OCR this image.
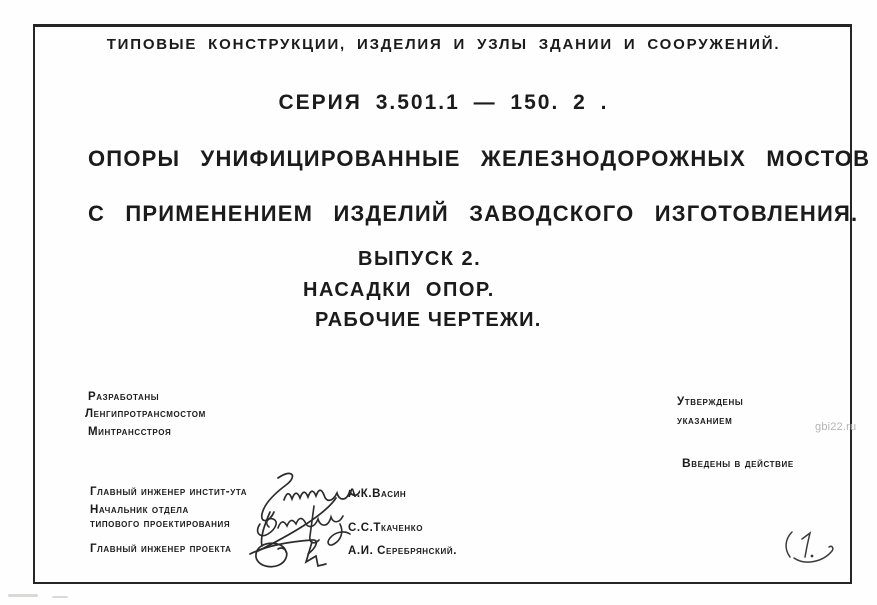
ТИПОВЫЕ КОНСТРУКЦИИ, ИЗДЕЛИЯ И УЗЛЫ ЗДАНИИ И СООРУЖЕНИЙ.
СЕРИЯ 3.501.1 — 150. 2 .
ОПОРЫ УНИФИЦИРОВАННЫЕ ЖЕЛЕЗНОДОРОЖНЫХ МОСТОВ
С ПРИМЕНЕНИЕМ ИЗДЕЛИЙ ЗАВОДСКОГО ИЗГОТОВЛЕНИЯ.
ВЫПУСК 2.
НАСАДКИ ОПОР.
РАБОЧИЕ ЧЕРТЕЖИ.
Разработаны
Ленгипротрансмостом
Минтрансстроя
Утверждены
указанием
Введены в действие
Главный инженер инстит-ута	А.К.Васин
Начальник отдела
типового проектирования	С.С.Ткаченко
Главный инженер проекта	А.И. Серебрянский.
gbi22.ru
